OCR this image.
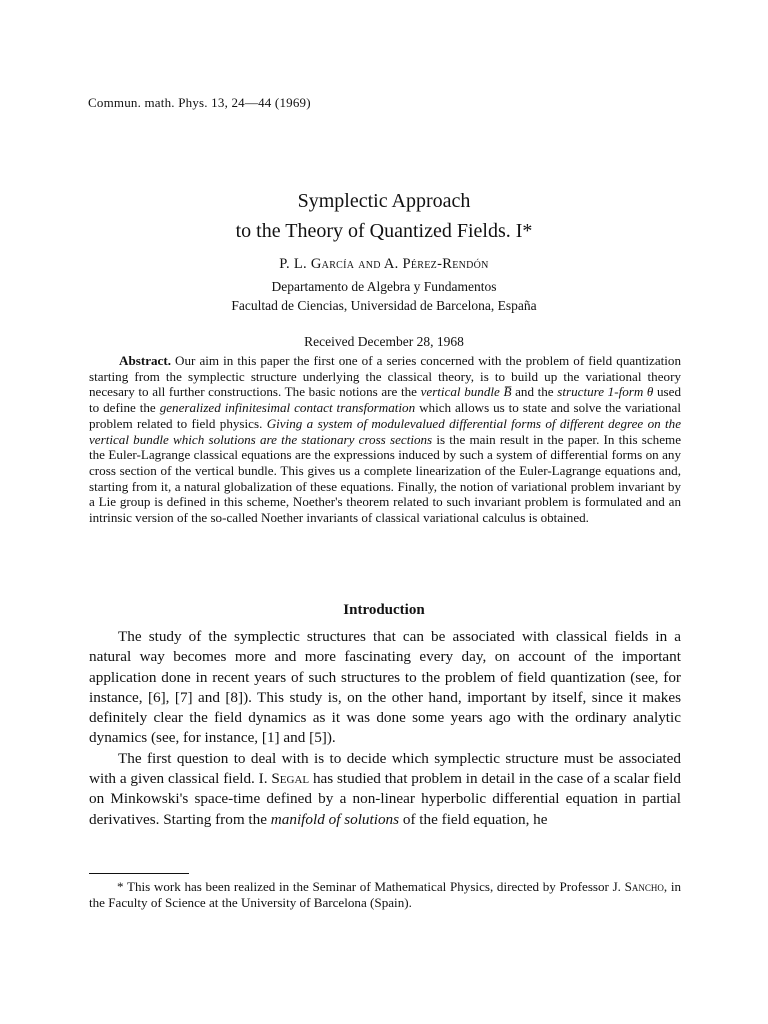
Commun. math. Phys. 13, 24—44 (1969)
Symplectic Approach
to the Theory of Quantized Fields. I*
P. L. García and A. Pérez-Rendón
Departamento de Algebra y Fundamentos
Facultad de Ciencias, Universidad de Barcelona, España
Received December 28, 1968

Abstract. Our aim in this paper the first one of a series concerned with the problem of field quantization starting from the symplectic structure underlying the classical theory, is to build up the variational theory necesary to all further constructions. The basic notions are the vertical bundle B̅ and the structure 1-form θ used to define the generalized infinitesimal contact transformation which allows us to state and solve the variational problem related to field physics. Giving a system of modulevalued differential forms of different degree on the vertical bundle which solutions are the stationary cross sections is the main result in the paper. In this scheme the Euler-Lagrange classical equations are the expressions induced by such a system of differential forms on any cross section of the vertical bundle. This gives us a complete linearization of the Euler-Lagrange equations and, starting from it, a natural globalization of these equations. Finally, the notion of variational problem invariant by a Lie group is defined in this scheme, Noether's theorem related to such invariant problem is formulated and an intrinsic version of the so-called Noether invariants of classical variational calculus is obtained.

Introduction

The study of the symplectic structures that can be associated with classical fields in a natural way becomes more and more fascinating every day, on account of the important application done in recent years of such structures to the problem of field quantization (see, for instance, [6], [7] and [8]). This study is, on the other hand, important by itself, since it makes definitely clear the field dynamics as it was done some years ago with the ordinary analytic dynamics (see, for instance, [1] and [5]).

The first question to deal with is to decide which symplectic structure must be associated with a given classical field. I. Segal has studied that problem in detail in the case of a scalar field on Minkowski's space-time defined by a non-linear hyperbolic differential equation in partial derivatives. Starting from the manifold of solutions of the field equation, he

* This work has been realized in the Seminar of Mathematical Physics, directed by Professor J. Sancho, in the Faculty of Science at the University of Barcelona (Spain).
